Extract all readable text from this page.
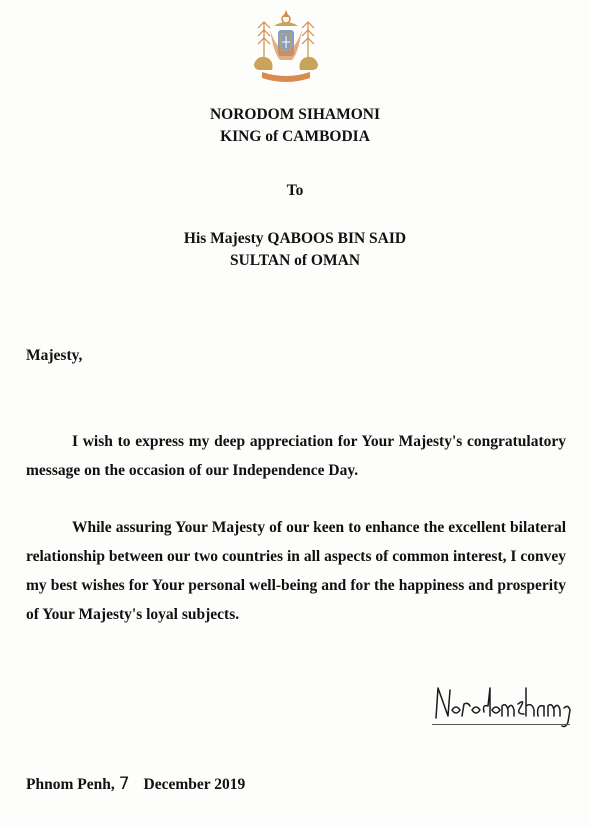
NORODOM SIHAMONI
KING of CAMBODIA
To
His Majesty QABOOS BIN SAID
SULTAN of OMAN
Majesty,

I wish to express my deep appreciation for Your Majesty's congratulatory message on the occasion of our Independence Day.

While assuring Your Majesty of our keen to enhance the excellent bilateral relationship between our two countries in all aspects of common interest, I convey my best wishes for Your personal well-being and for the happiness and prosperity of Your Majesty's loyal subjects.

Phnom Penh, 7 December 2019
